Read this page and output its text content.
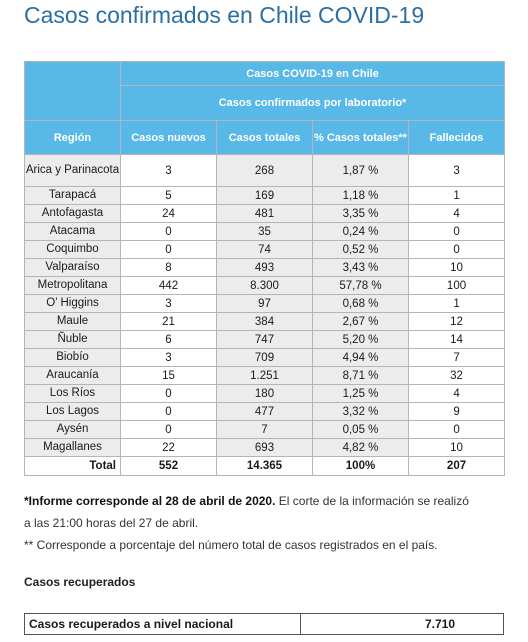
Casos confirmados en Chile COVID-19
	Casos COVID-19 en Chile			
	Casos confirmados por laboratorio*			
Región	Casos nuevos	Casos totales	% Casos totales**	Fallecidos
Arica y Parinacota	3	268	1,87 %	3
Tarapacá	5	169	1,18 %	1
Antofagasta	24	481	3,35 %	4
Atacama	0	35	0,24 %	0
Coquimbo	0	74	0,52 %	0
Valparaíso	8	493	3,43 %	10
Metropolitana	442	8.300	57,78 %	100
O’ Higgins	3	97	0,68 %	1
Maule	21	384	2,67 %	12
Ñuble	6	747	5,20 %	14
Biobío	3	709	4,94 %	7
Araucanía	15	1.251	8,71 %	32
Los Ríos	0	180	1,25 %	4
Los Lagos	0	477	3,32 %	9
Aysén	0	7	0,05 %	0
Magallanes	22	693	4,82 %	10
Total	552	14.365	100%	207
*Informe corresponde al 28 de abril de 2020. El corte de la información se realizó
a las 21:00 horas del 27 de abril.
** Corresponde a porcentaje del número total de casos registrados en el país.
Casos recuperados
Casos recuperados a nivel nacional	7.710
